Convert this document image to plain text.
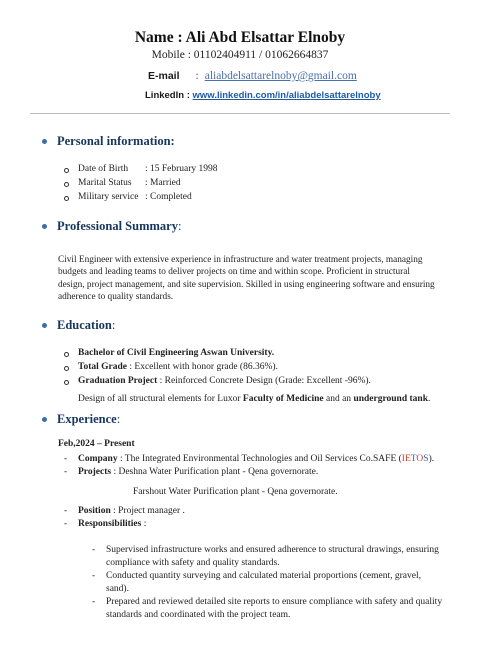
Name : Ali Abd Elsattar Elnoby
Mobile : 01102404911 / 01062664837
E-mail : aliabdelsattarelnoby@gmail.com
LinkedIn : www.linkedin.com/in/aliabdelsattarelnoby
Personal information:
Date of Birth : 15 February 1998
Marital Status : Married
Military service : Completed
Professional Summary:
Civil Engineer with extensive experience in infrastructure and water treatment projects, managing
budgets and leading teams to deliver projects on time and within scope. Proficient in structural
design, project management, and site supervision. Skilled in using engineering software and ensuring
adherence to quality standards.
Education:
Bachelor of Civil Engineering Aswan University.
Total Grade : Excellent with honor grade (86.36%).
Graduation Project : Reinforced Concrete Design (Grade: Excellent -96%).
Design of all structural elements for Luxor Faculty of Medicine and an underground tank.
Experience:
Feb,2024 – Present
- Company : The Integrated Environmental Technologies and Oil Services Co.SAFE (IETOS).
- Projects : Deshna Water Purification plant - Qena governorate.
Farshout Water Purification plant - Qena governorate.
- Position : Project manager .
- Responsibilities :
- Supervised infrastructure works and ensured adherence to structural drawings, ensuring
compliance with safety and quality standards.
- Conducted quantity surveying and calculated material proportions (cement, gravel,
sand).
- Prepared and reviewed detailed site reports to ensure compliance with safety and quality
standards and coordinated with the project team.
